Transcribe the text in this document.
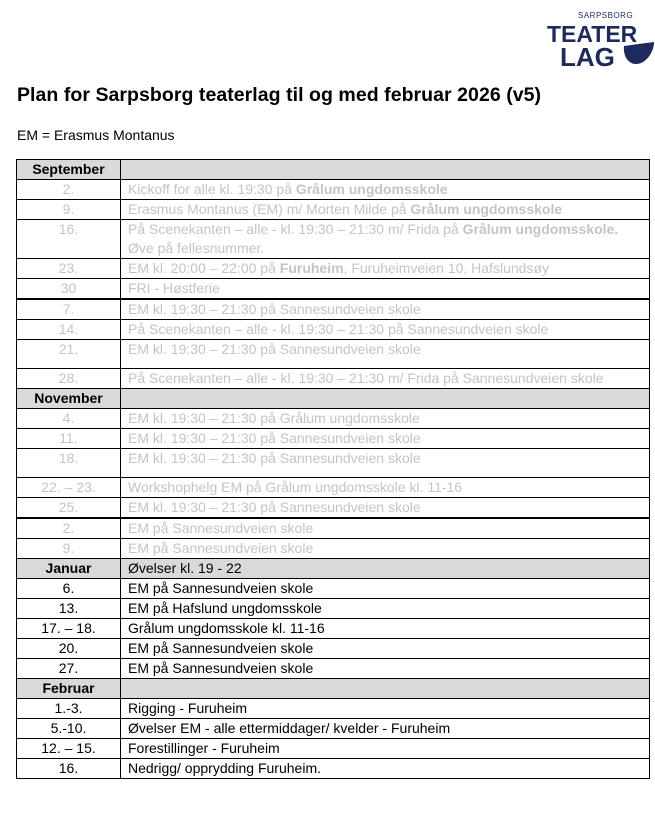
SARPSBORG
TEATER
LAG
Plan for Sarpsborg teaterlag til og med februar 2026 (v5)
EM = Erasmus Montanus
September	
2.	Kickoff for alle kl. 19:30 på Grålum ungdomsskole
9.	Erasmus Montanus (EM) m/ Morten Milde på Grålum ungdomsskole
16.	På Scenekanten – alle - kl. 19:30 – 21:30 m/ Frida på Grålum ungdomsskole. Øve på fellesnummer.
23.	EM kl. 20:00 – 22:00 på Furuheim, Furuheimveien 10, Hafslundsøy
30	FRI - Høstferie

7.	EM kl. 19:30 – 21:30 på Sannesundveien skole
14.	På Scenekanten – alle - kl. 19:30 – 21:30 på Sannesundveien skole
21.	EM kl. 19:30 – 21:30 på Sannesundveien skole
28.	På Scenekanten – alle - kl. 19:30 – 21:30 m/ Frida på Sannesundveien skole
November	
4.	EM kl. 19:30 – 21:30 på Grålum ungdomsskole
11.	EM kl. 19:30 – 21:30 på Sannesundveien skole
18.	EM kl. 19:30 – 21:30 på Sannesundveien skole
22. – 23.	Workshophelg EM på Grålum ungdomsskole kl. 11-16
25.	EM kl. 19:30 – 21:30 på Sannesundveien skole

2.	EM på Sannesundveien skole
9.	EM på Sannesundveien skole
Januar	Øvelser kl. 19 - 22
6.	EM på Sannesundveien skole
13.	EM på Hafslund ungdomsskole
17. – 18.	Grålum ungdomsskole kl. 11-16
20.	EM på Sannesundveien skole
27.	EM på Sannesundveien skole
Februar	
1.-3.	Rigging - Furuheim
5.-10.	Øvelser EM - alle ettermiddager/ kvelder - Furuheim
12. – 15.	Forestillinger - Furuheim
16.	Nedrigg/ opprydding Furuheim.
